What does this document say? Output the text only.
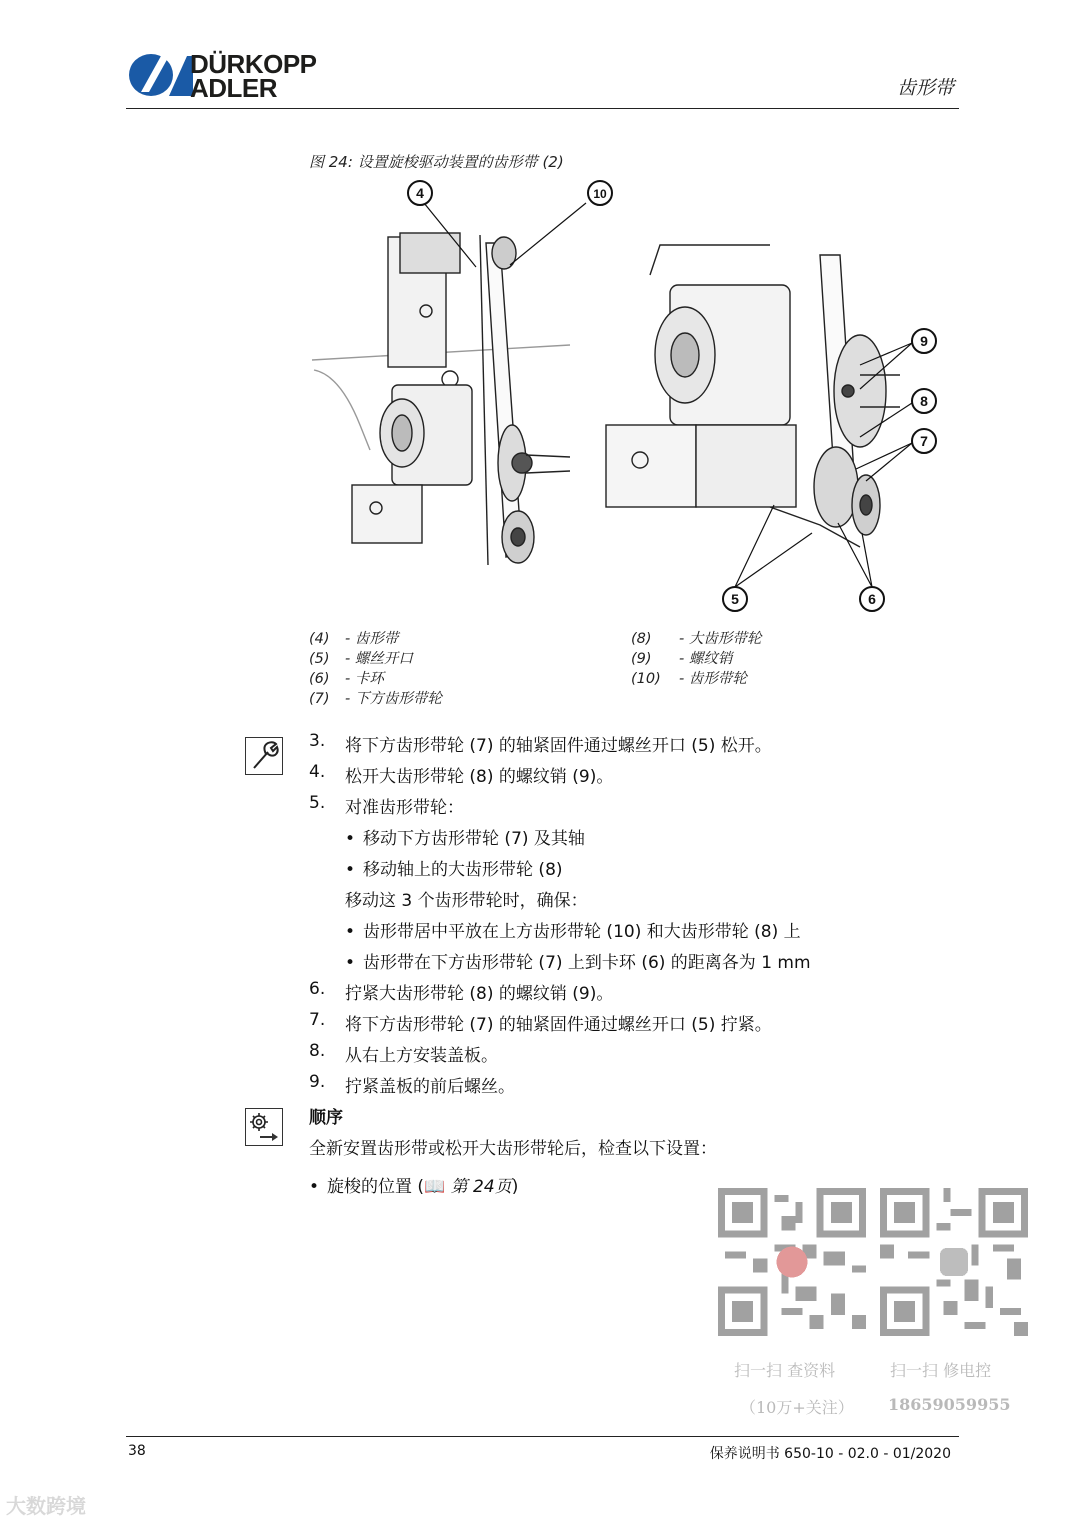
DÜRKOPP
ADLER	齿形带
图 24: 设置旋梭驱动装置的齿形带 (2)
4	10
9
8
7
5	6
(4)	- 齿形带
(5)	- 螺丝开口
(6)	- 卡环
(7)	- 下方齿形带轮
(8)	- 大齿形带轮
(9)	- 螺纹销
(10)	- 齿形带轮
3.	将下方齿形带轮 (7) 的轴紧固件通过螺丝开口 (5) 松开。
4.	松开大齿形带轮 (8) 的螺纹销 (9)。
5.	对准齿形带轮：
• 移动下方齿形带轮 (7) 及其轴
• 移动轴上的大齿形带轮 (8)
移动这 3 个齿形带轮时，确保：
• 齿形带居中平放在上方齿形带轮 (10) 和大齿形带轮 (8) 上
• 齿形带在下方齿形带轮 (7) 上到卡环 (6) 的距离各为 1 mm
6.	拧紧大齿形带轮 (8) 的螺纹销 (9)。
7.	将下方齿形带轮 (7) 的轴紧固件通过螺丝开口 (5) 拧紧。
8.	从右上方安装盖板。
9.	拧紧盖板的前后螺丝。
顺序
全新安置齿形带或松开大齿形带轮后，检查以下设置：
• 旋梭的位置 (📖 第 24页)
扫一扫 查资料	扫一扫 修电控
（10万+关注） 18659059955
38	保养说明书 650-10 - 02.0 - 01/2020
大数跨境
